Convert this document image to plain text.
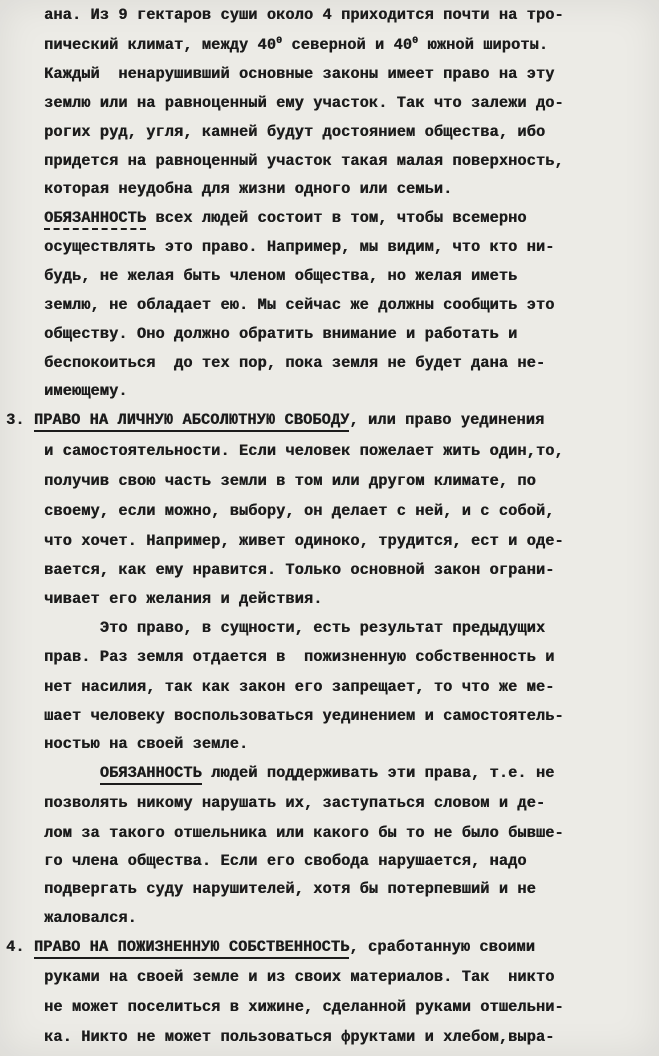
ана. Из 9 гектаров суши около 4 приходится почти на тро-
пический климат, между $40^0$ северной и $40^0$ южной широты.
Каждый  ненарушивший основные законы имеет право на эту
землю или на равноценный ему участок. Так что залежи до-
рогих руд, угля, камней будут достоянием общества, ибо
придется на равноценный участок такая малая поверхность,
которая неудобна для жизни одного или семьи.
ОБЯЗАННОСТЬ всех людей состоит в том, чтобы всемерно
осуществлять это право. Например, мы видим, что кто ни-
будь, не желая быть членом общества, но желая иметь
землю, не обладает ею. Мы сейчас же должны сообщить это
обществу. Оно должно обратить внимание и работать и
беспокоиться  до тех пор, пока земля не будет дана не-
имеющему.
3. ПРАВО НА ЛИЧНУЮ АБСОЛЮТНУЮ СВОБОДУ, или право уединения
и самостоятельности. Если человек пожелает жить один,то,
получив свою часть земли в том или другом климате, по
своему, если можно, выбору, он делает с ней, и с собой,
что хочет. Например, живет одиноко, трудится, ест и оде-
вается, как ему нравится. Только основной закон ограни-
чивает его желания и действия.
Это право, в сущности, есть результат предыдущих
прав. Раз земля отдается в  пожизненную собственность и
нет насилия, так как закон его запрещает, то что же ме-
шает человеку воспользоваться уединением и самостоятель-
ностью на своей земле.
ОБЯЗАННОСТЬ людей поддерживать эти права, т.е. не
позволять никому нарушать их, заступаться словом и де-
лом за такого отшельника или какого бы то не было бывше-
го члена общества. Если его свобода нарушается, надо
подвергать суду нарушителей, хотя бы потерпевший и не
жаловался.
4. ПРАВО НА ПОЖИЗНЕННУЮ СОБСТВЕННОСТЬ, сработанную своими
руками на своей земле и из своих материалов. Так  никто
не может поселиться в хижине, сделанной руками отшельни-
ка. Никто не может пользоваться фруктами и хлебом,выра-
